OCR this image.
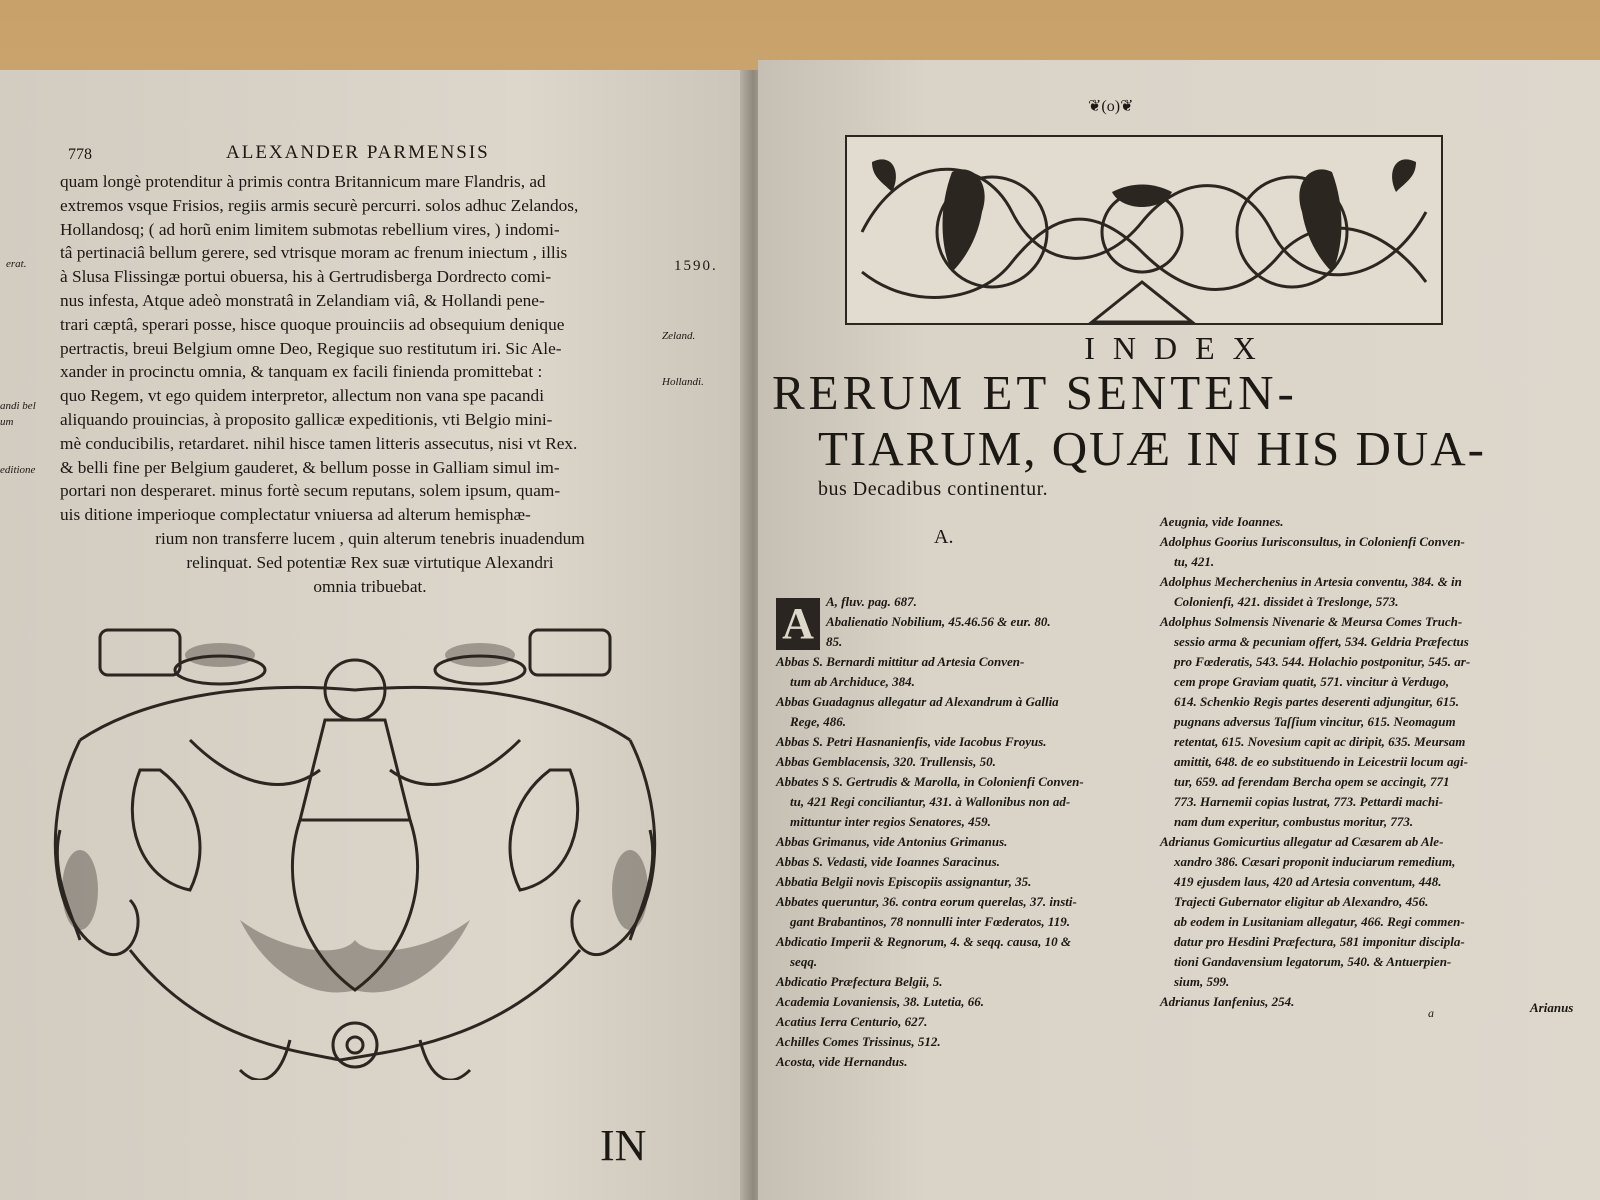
778	ALEXANDER PARMENSIS
1590.
erat.
Zeland.
Hollandi.
andi bel
um
editione
quam longè protenditur à primis contra Britannicum mare Flandris, ad
extremos vsque Frisios, regiis armis securè percurri. solos adhuc Zelandos,
Hollandosq; ( ad horũ enim limitem submotas rebellium vires, ) indomi-
tâ pertinaciâ bellum gerere, sed vtrisque moram ac frenum iniectum , illis
à Slusa Flissingæ portui obuersa, his à Gertrudisberga Dordrecto comi-
nus infesta, Atque adeò monstratâ in Zelandiam viâ, & Hollandi pene-
trari cæptâ, sperari posse, hisce quoque prouinciis ad obsequium denique
pertractis, breui Belgium omne Deo, Regique suo restitutum iri. Sic Ale-
xander in procinctu omnia, & tanquam ex facili finienda promittebat :
quo Regem, vt ego quidem interpretor, allectum non vana spe pacandi
aliquando prouincias, à proposito gallicæ expeditionis, vti Belgio mini-
mè conducibilis, retardaret. nihil hisce tamen litteris assecutus, nisi vt Rex.
& belli fine per Belgium gauderet, & bellum posse in Galliam simul im-
portari non desperaret. minus fortè secum reputans, solem ipsum, quam-
uis ditione imperioque complectatur vniuersa ad alterum hemisphæ-
rium non transferre lucem , quin alterum tenebris inuadendum
relinquat. Sed potentiæ Rex suæ virtutique Alexandri
omnia tribuebat.
IN
❦(o)❦
INDEX
RERUM ET SENTEN-
TIARUM, QUÆ IN HIS DUA-
bus Decadibus continentur.
A.
A A, fluv. pag. 687.
Abalienatio Nobilium, 45.46.56 & eur. 80.
85.
Abbas S. Bernardi mittitur ad Artesia Conven-
tum ab Archiduce, 384.
Abbas Guadagnus allegatur ad Alexandrum à Gallia
Rege, 486.
Abbas S. Petri Hasnanienfis, vide Iacobus Froyus.
Abbas Gemblacensis, 320. Trullensis, 50.
Abbates S S. Gertrudis & Marolla, in Colonienfi Conven-
tu, 421 Regi conciliantur, 431. à Wallonibus non ad-
mittuntur inter regios Senatores, 459.
Abbas Grimanus, vide Antonius Grimanus.
Abbas S. Vedasti, vide Ioannes Saracinus.
Abbatia Belgii novis Episcopiis assignantur, 35.
Abbates queruntur, 36. contra eorum querelas, 37. insti-
gant Brabantinos, 78 nonnulli inter Fœderatos, 119.
Abdicatio Imperii & Regnorum, 4. & seqq. causa, 10 &
seqq.
Abdicatio Præfectura Belgii, 5.
Academia Lovaniensis, 38. Lutetia, 66.
Acatius Ierra Centurio, 627.
Achilles Comes Trissinus, 512.
Acosta, vide Hernandus.
Aeugnia, vide Ioannes.
Adolphus Goorius Iurisconsultus, in Colonienfi Conven-
tu, 421.
Adolphus Mecherchenius in Artesia conventu, 384. & in
Colonienfi, 421. dissidet à Treslonge, 573.
Adolphus Solmensis Nivenarie & Meursa Comes Truch-
sessio arma & pecuniam offert, 534. Geldria Præfectus
pro Fœderatis, 543. 544. Holachio postponitur, 545. ar-
cem prope Graviam quatit, 571. vincitur à Verdugo,
614. Schenkio Regis partes deserenti adjungitur, 615.
pugnans adversus Taſſium vincitur, 615. Neomagum
retentat, 615. Novesium capit ac diripit, 635. Meursam
amittit, 648. de eo substituendo in Leicestrii locum agi-
tur, 659. ad ferendam Bercha opem se accingit, 771
773. Harnemii copias lustrat, 773. Pettardi machi-
nam dum experitur, combustus moritur, 773.
Adrianus Gomicurtius allegatur ad Cæsarem ab Ale-
xandro 386. Cæsari proponit induciarum remedium,
419 ejusdem laus, 420 ad Artesia conventum, 448.
Trajecti Gubernator eligitur ab Alexandro, 456.
ab eodem in Lusitaniam allegatur, 466. Regi commen-
datur pro Hesdini Præfectura, 581 imponitur discipla-
tioni Gandavensium legatorum, 540. & Antuerpien-
sium, 599.
Adrianus Ianfenius, 254.
a	Arianus
